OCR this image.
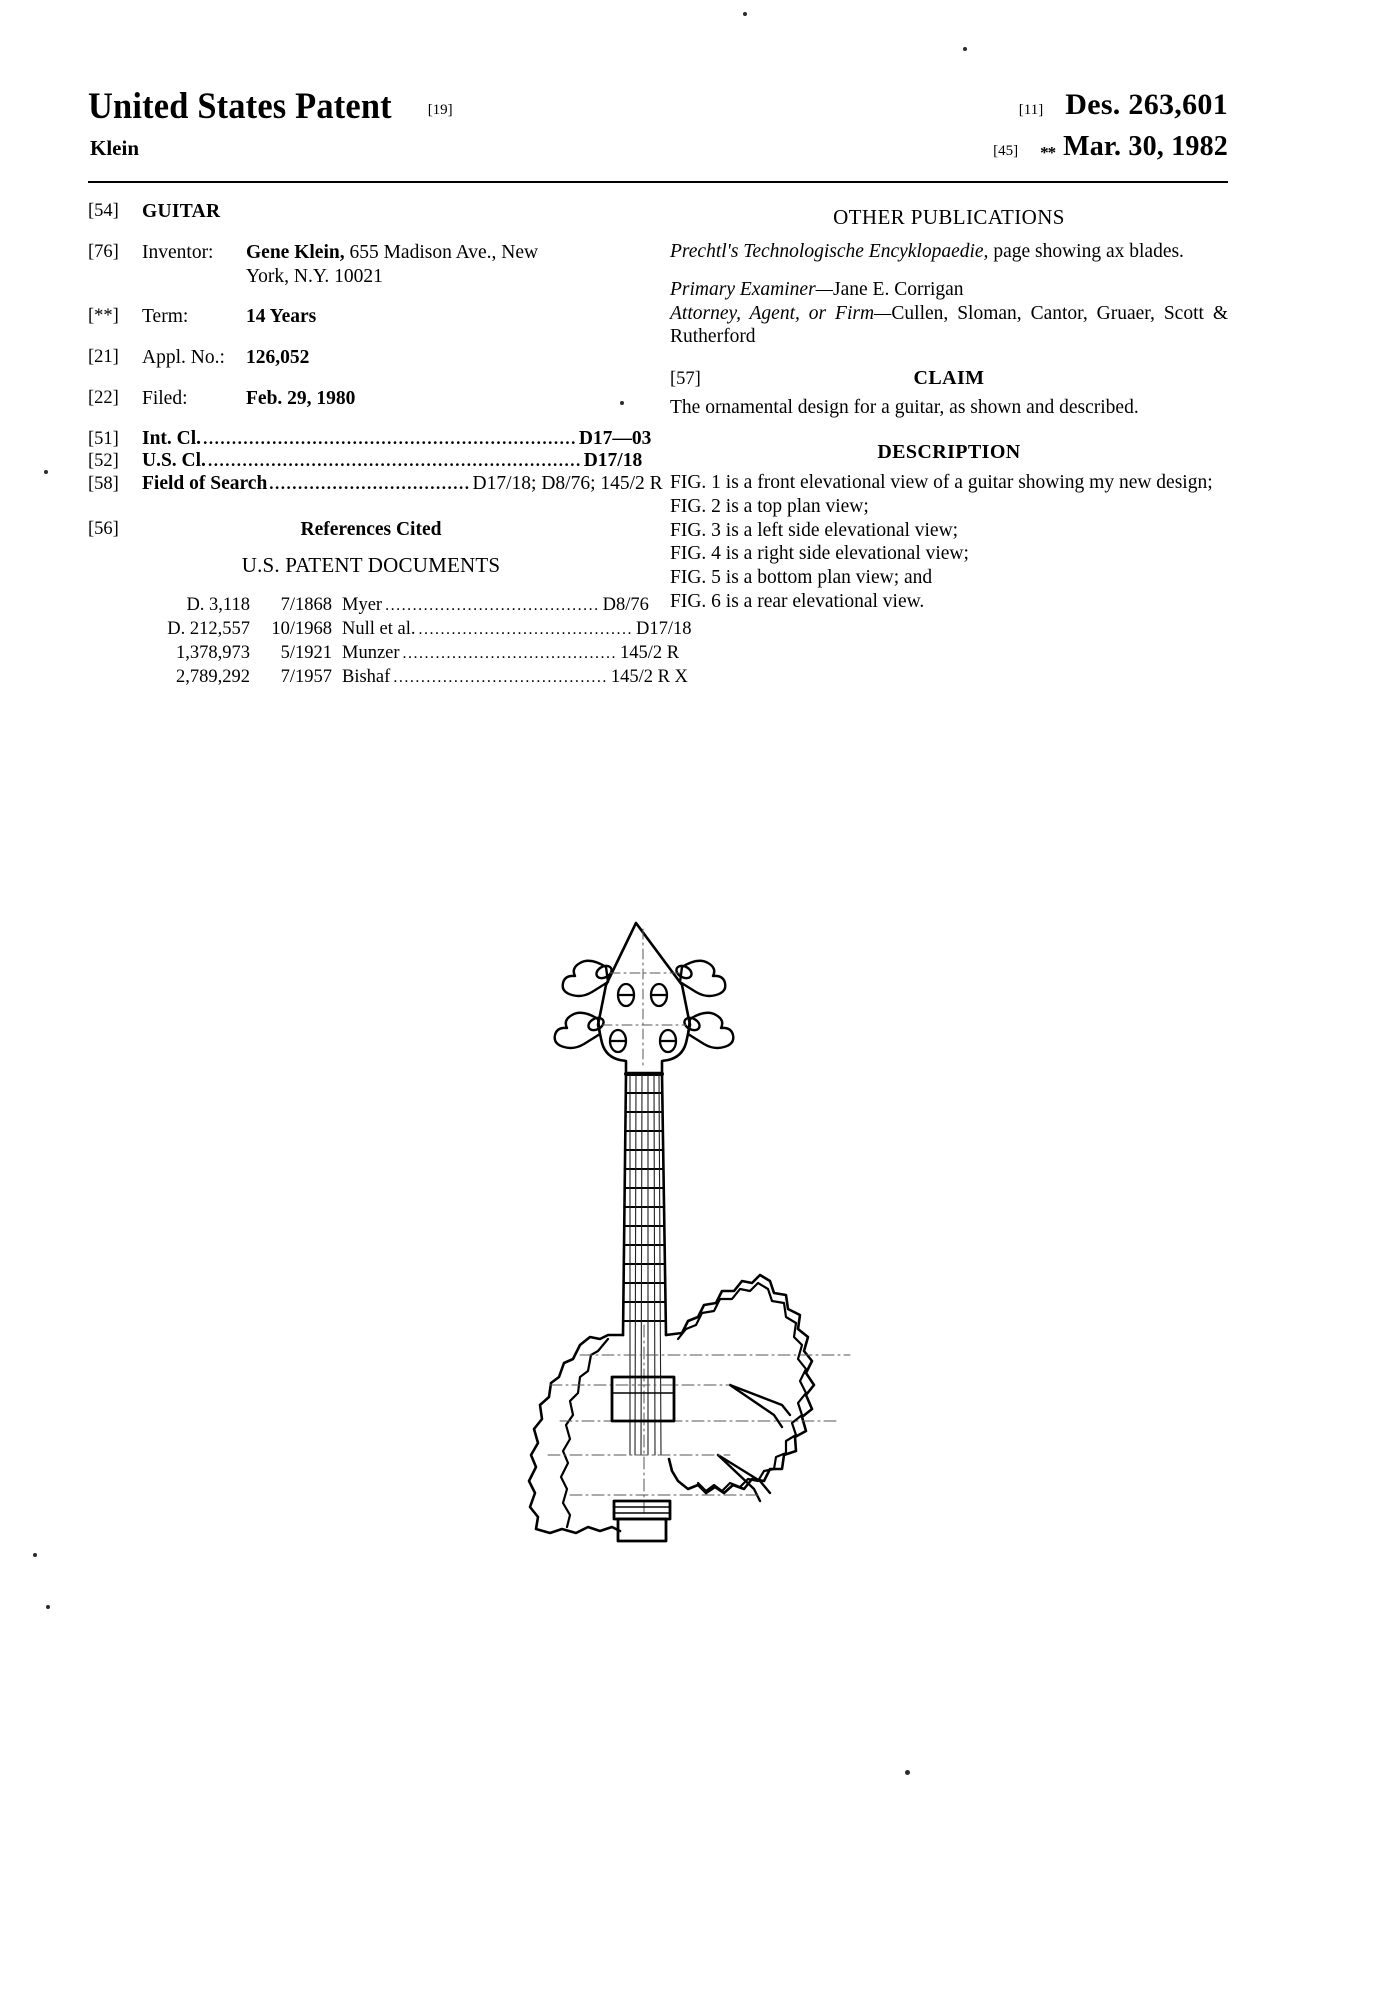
United States Patent [19]
Klein
[11] Des. 263,601
[45] ** Mar. 30, 1982
[54]	GUITAR
[76]	Inventor:	Gene Klein, 655 Madison Ave., New
York, N.Y. 10021
[**]	Term:	14 Years
[21]	Appl. No.:	126,052
[22]	Filed:	Feb. 29, 1980
[51]	Int. Cl. ................................................................. D17—03
[52]	U.S. Cl. ................................................................. D17/18
[58]	Field of Search ................................... D17/18; D8/76; 145/2 R
[56]	References Cited
U.S. PATENT DOCUMENTS
D. 3,118	7/1868 Myer ....................................... D8/76
D. 212,557	10/1968 Null et al. ....................................... D17/18
1,378,973	5/1921 Munzer ....................................... 145/2 R
2,789,292	7/1957 Bishaf ....................................... 145/2 R X
OTHER PUBLICATIONS
Prechtl's Technologische Encyklopaedie, page showing ax blades.
Primary Examiner—Jane E. Corrigan
Attorney, Agent, or Firm—Cullen, Sloman, Cantor, Gruaer, Scott & Rutherford
[57]	CLAIM
The ornamental design for a guitar, as shown and described.
DESCRIPTION
FIG. 1 is a front elevational view of a guitar showing my new design;
FIG. 2 is a top plan view;
FIG. 3 is a left side elevational view;
FIG. 4 is a right side elevational view;
FIG. 5 is a bottom plan view; and
FIG. 6 is a rear elevational view.
